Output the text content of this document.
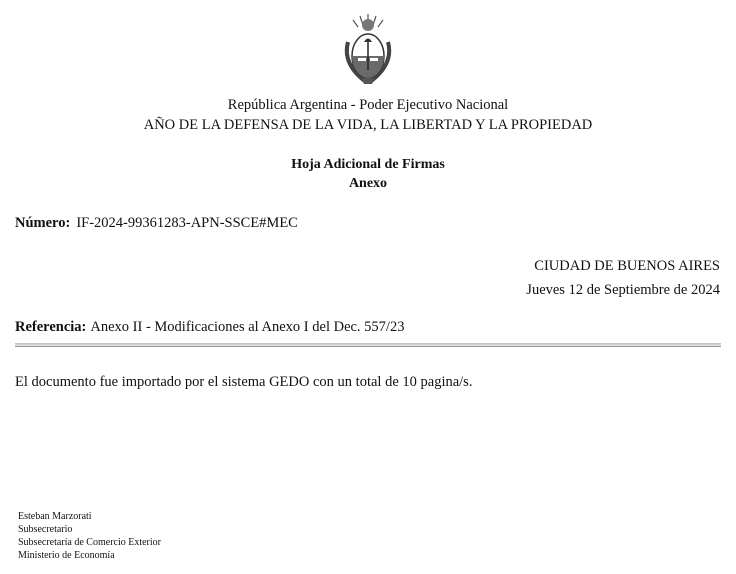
República Argentina - Poder Ejecutivo Nacional
AÑO DE LA DEFENSA DE LA VIDA, LA LIBERTAD Y LA PROPIEDAD
Hoja Adicional de Firmas
Anexo
Número: IF-2024-99361283-APN-SSCE#MEC
CIUDAD DE BUENOS AIRES
Jueves 12 de Septiembre de 2024
Referencia: Anexo II - Modificaciones al Anexo I del Dec. 557/23
El documento fue importado por el sistema GEDO con un total de 10 pagina/s.
Esteban Marzorati
Subsecretario
Subsecretaría de Comercio Exterior
Ministerio de Economía
